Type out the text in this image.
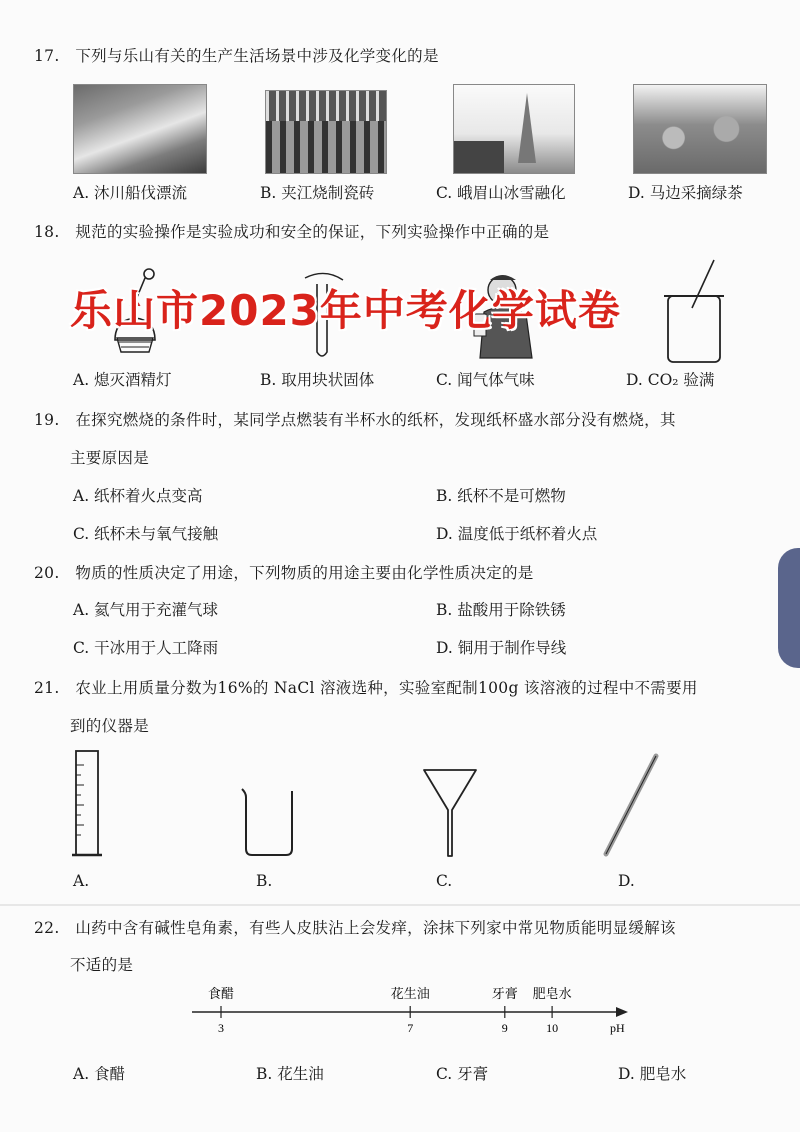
17.　下列与乐山有关的生产生活场景中涉及化学变化的是
A. 沐川船伐漂流	B. 夹江烧制瓷砖	C. 峨眉山冰雪融化	D. 马边采摘绿茶
18.　规范的实验操作是实验成功和安全的保证，下列实验操作中正确的是
乐山市2023年中考化学试卷
A. 熄灭酒精灯	B. 取用块状固体	C. 闻气体气味	D. CO₂ 验满
19.　在探究燃烧的条件时，某同学点燃装有半杯水的纸杯，发现纸杯盛水部分没有燃烧，其
主要原因是
A. 纸杯着火点变高	B. 纸杯不是可燃物
C. 纸杯未与氧气接触	D. 温度低于纸杯着火点
20.　物质的性质决定了用途，下列物质的用途主要由化学性质决定的是
A. 氦气用于充灌气球	B. 盐酸用于除铁锈
C. 干冰用于人工降雨	D. 铜用于制作导线
21.　农业上用质量分数为16%的 NaCl 溶液选种，实验室配制100g 该溶液的过程中不需要用
到的仪器是
A.	B.	C.	D.
22.　山药中含有碱性皂角素，有些人皮肤沾上会发痒，涂抹下列家中常见物质能明显缓解该
不适的是
3
食醋
7
花生油
9
牙膏
10
肥皂水
pH
A. 食醋	B. 花生油	C. 牙膏	D. 肥皂水
